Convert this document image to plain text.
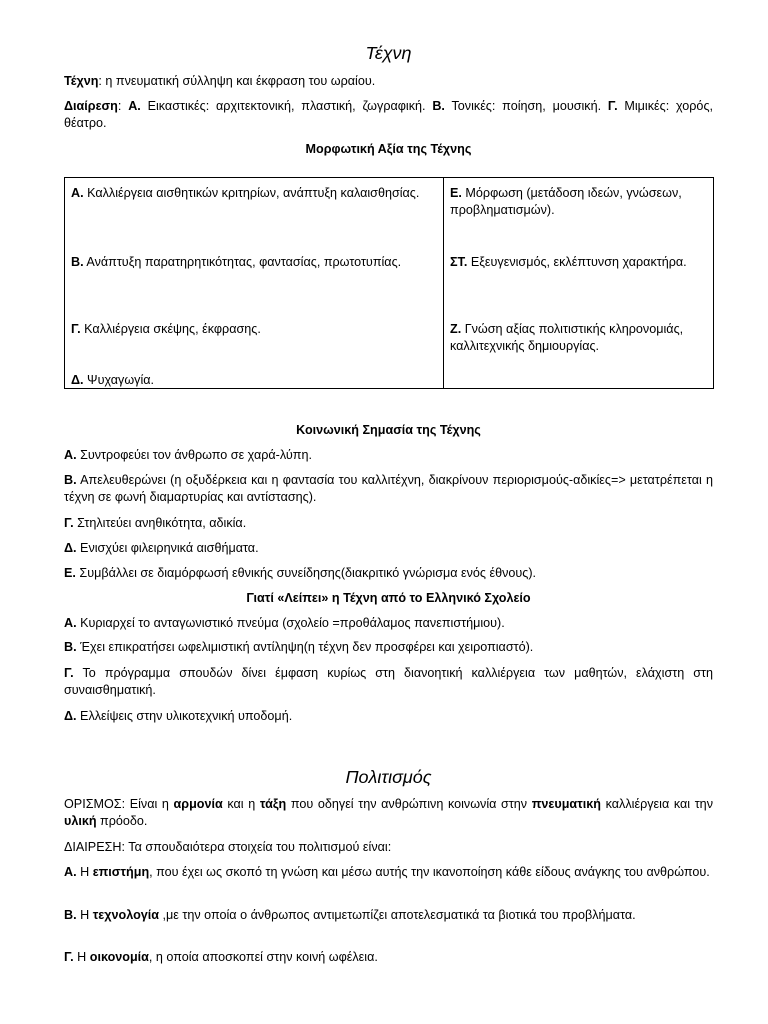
Τέχνη

Τέχνη: η πνευματική σύλληψη και έκφραση του ωραίου.

Διαίρεση: Α. Εικαστικές: αρχιτεκτονική, πλαστική, ζωγραφική. Β. Τονικές: ποίηση, μουσική. Γ. Μιμικές: χορός, θέατρο.

Μορφωτική Αξία της Τέχνης

Α. Καλλιέργεια αισθητικών κριτηρίων, ανάπτυξη καλαισθησίας.
Β. Ανάπτυξη παρατηρητικότητας, φαντασίας, πρωτοτυπίας.
Γ. Καλλιέργεια σκέψης, έκφρασης.
Δ. Ψυχαγωγία.

Ε. Μόρφωση (μετάδοση ιδεών, γνώσεων, προβληματισμών).
ΣΤ. Εξευγενισμός, εκλέπτυνση χαρακτήρα.
Ζ. Γνώση αξίας πολιτιστικής κληρονομιάς, καλλιτεχνικής δημιουργίας.

Κοινωνική Σημασία της Τέχνης

Α. Συντροφεύει τον άνθρωπο σε χαρά-λύπη.

Β. Απελευθερώνει (η οξυδέρκεια και η φαντασία του καλλιτέχνη, διακρίνουν περιορισμούς-αδικίες=> μετατρέπεται η τέχνη σε φωνή διαμαρτυρίας και αντίστασης).

Γ. Στηλιτεύει ανηθικότητα, αδικία.

Δ. Ενισχύει φιλειρηνικά αισθήματα.

Ε. Συμβάλλει σε διαμόρφωσή εθνικής συνείδησης(διακριτικό γνώρισμα ενός έθνους).

Γιατί «Λείπει» η Τέχνη από το Ελληνικό Σχολείο

Α. Κυριαρχεί το ανταγωνιστικό πνεύμα (σχολείο =προθάλαμος πανεπιστήμιου).

Β. Έχει επικρατήσει ωφελιμιστική αντίληψη(η τέχνη δεν προσφέρει και χειροπιαστό).

Γ. Το πρόγραμμα σπουδών δίνει έμφαση κυρίως στη διανοητική καλλιέργεια των μαθητών, ελάχιστη στη συναισθηματική.

Δ. Ελλείψεις στην υλικοτεχνική υποδομή.

Πολιτισμός

ΟΡΙΣΜΟΣ: Είναι η αρμονία και η τάξη που οδηγεί την ανθρώπινη κοινωνία στην πνευματική καλλιέργεια και την υλική πρόοδο.

ΔΙΑΙΡΕΣΗ: Τα σπουδαιότερα στοιχεία του πολιτισμού είναι:

Α. Η επιστήμη, που έχει ως σκοπό τη γνώση και μέσω αυτής την ικανοποίηση κάθε είδους ανάγκης του ανθρώπου.

Β. Η τεχνολογία ,με την οποία ο άνθρωπος αντιμετωπίζει αποτελεσματικά τα βιοτικά του προβλήματα.

Γ. Η οικονομία, η οποία αποσκοπεί στην κοινή ωφέλεια.
